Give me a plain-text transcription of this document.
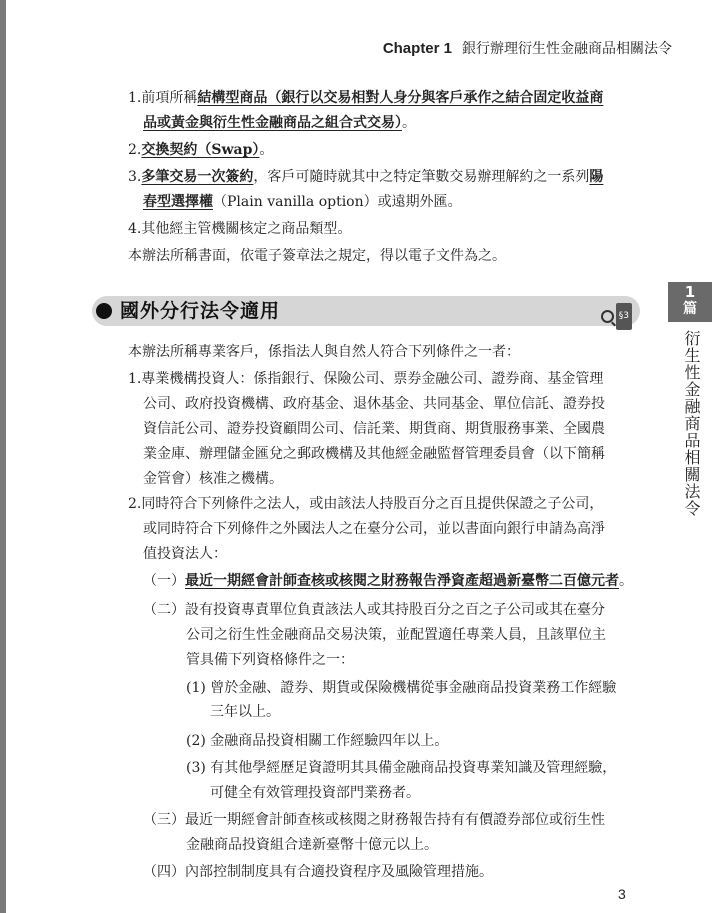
Chapter 1 銀行辦理衍生性金融商品相關法令
1.前項所稱結構型商品（銀行以交易相對人身分與客戶承作之結合固定收益商
品或黃金與衍生性金融商品之組合式交易）。
2.交換契約（Swap）。
3.多筆交易一次簽約，客戶可隨時就其中之特定筆數交易辦理解約之一系列陽
春型選擇權（Plain vanilla option）或遠期外匯。
4.其他經主管機關核定之商品類型。
本辦法所稱書面，依電子簽章法之規定，得以電子文件為之。
國外分行法令適用	§3
本辦法所稱專業客戶，係指法人與自然人符合下列條件之一者：
1.專業機構投資人：係指銀行、保險公司、票券金融公司、證券商、基金管理
公司、政府投資機構、政府基金、退休基金、共同基金、單位信託、證券投
資信託公司、證券投資顧問公司、信託業、期貨商、期貨服務事業、全國農
業金庫、辦理儲金匯兌之郵政機構及其他經金融監督管理委員會（以下簡稱
金管會）核准之機構。
2.同時符合下列條件之法人，或由該法人持股百分之百且提供保證之子公司，
或同時符合下列條件之外國法人之在臺分公司，並以書面向銀行申請為高淨
值投資法人：
（一）最近一期經會計師查核或核閱之財務報告淨資產超過新臺幣二百億元者。
（二）設有投資專責單位負責該法人或其持股百分之百之子公司或其在臺分
公司之衍生性金融商品交易決策，並配置適任專業人員，且該單位主
管具備下列資格條件之一：
(1) 曾於金融、證券、期貨或保險機構從事金融商品投資業務工作經驗
三年以上。
(2) 金融商品投資相關工作經驗四年以上。
(3) 有其他學經歷足資證明其具備金融商品投資專業知識及管理經驗，
可健全有效管理投資部門業務者。
（三）最近一期經會計師查核或核閱之財務報告持有有價證券部位或衍生性
金融商品投資組合達新臺幣十億元以上。
（四）內部控制制度具有合適投資程序及風險管理措施。
1
篇
衍生性金融商品相關法令
3
